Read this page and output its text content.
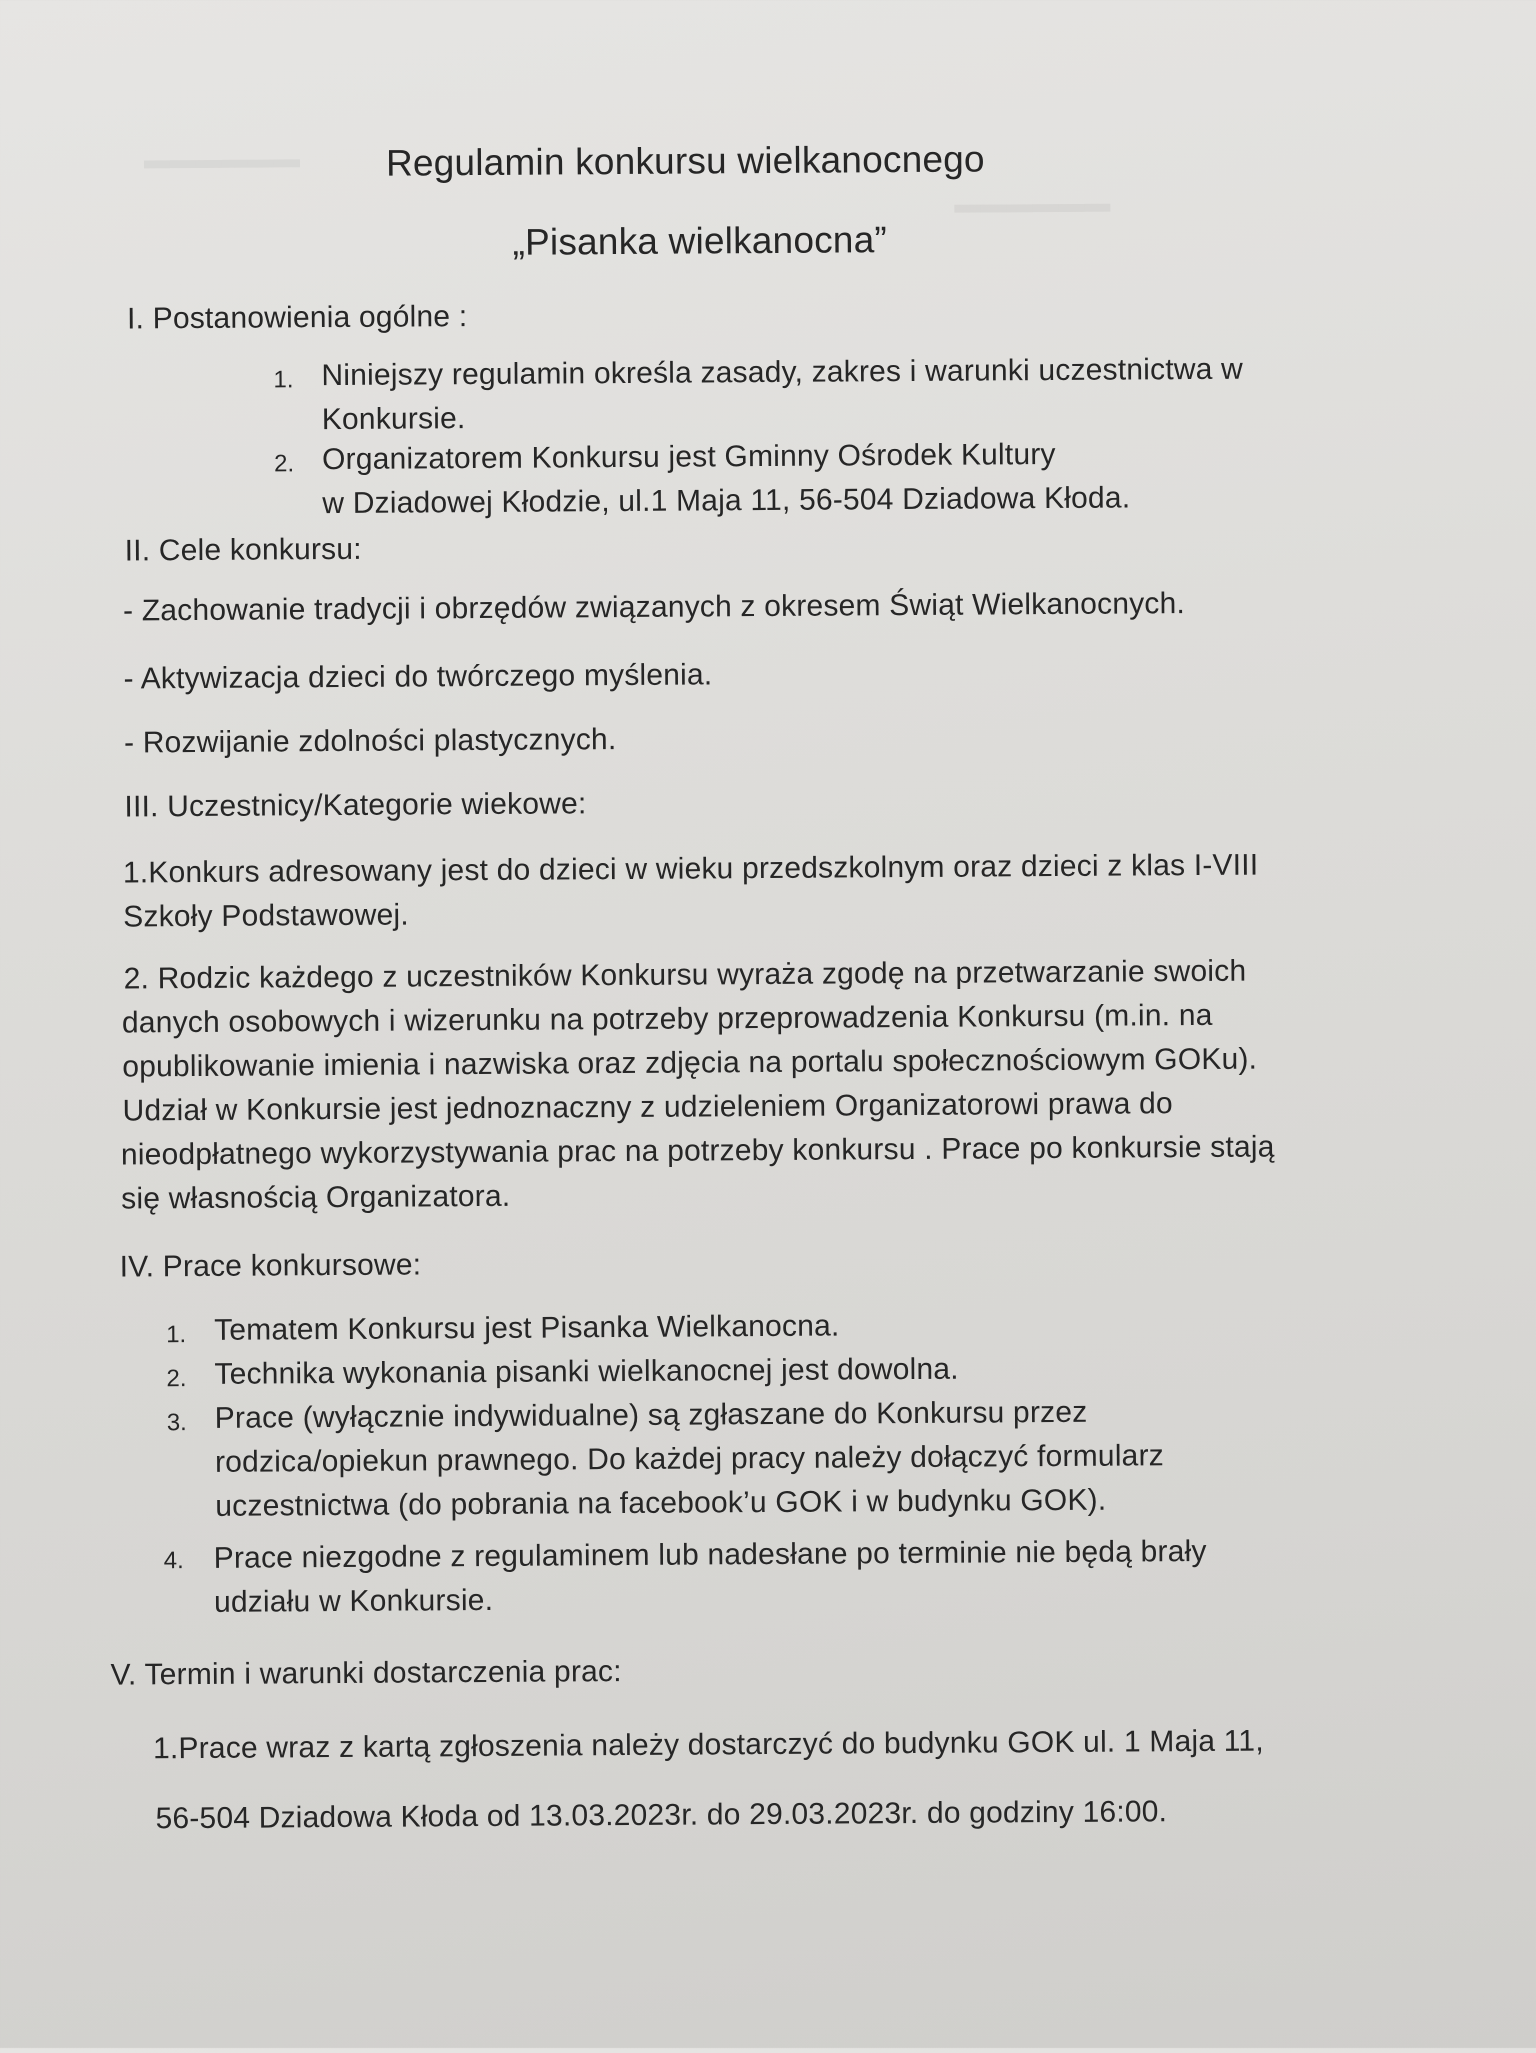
▬▬▬▬▬▬
▬▬▬▬▬▬
Regulamin konkursu wielkanocnego
„Pisanka wielkanocna”
I. Postanowienia ogólne :
1. Niniejszy regulamin określa zasady, zakres i warunki uczestnictwa w
Konkursie.
2. Organizatorem Konkursu jest Gminny Ośrodek Kultury
w Dziadowej Kłodzie, ul.1 Maja 11, 56-504 Dziadowa Kłoda.
II. Cele konkursu:
- Zachowanie tradycji i obrzędów związanych z okresem Świąt Wielkanocnych.
- Aktywizacja dzieci do twórczego myślenia.
- Rozwijanie zdolności plastycznych.
III. Uczestnicy/Kategorie wiekowe:
1.Konkurs adresowany jest do dzieci w wieku przedszkolnym oraz dzieci z klas I-VIII
Szkoły Podstawowej.
2. Rodzic każdego z uczestników Konkursu wyraża zgodę na przetwarzanie swoich
danych osobowych i wizerunku na potrzeby przeprowadzenia Konkursu (m.in. na
opublikowanie imienia i nazwiska oraz zdjęcia na portalu społecznościowym GOKu).
Udział w Konkursie jest jednoznaczny z udzieleniem Organizatorowi prawa do
nieodpłatnego wykorzystywania prac na potrzeby konkursu . Prace po konkursie stają
się własnością Organizatora.
IV. Prace konkursowe:
1. Tematem Konkursu jest Pisanka Wielkanocna.
2. Technika wykonania pisanki wielkanocnej jest dowolna.
3. Prace (wyłącznie indywidualne) są zgłaszane do Konkursu przez
rodzica/opiekun prawnego. Do każdej pracy należy dołączyć formularz
uczestnictwa (do pobrania na facebook’u GOK i w budynku GOK).
4. Prace niezgodne z regulaminem lub nadesłane po terminie nie będą brały
udziału w Konkursie.
V. Termin i warunki dostarczenia prac:
1.Prace wraz z kartą zgłoszenia należy dostarczyć do budynku GOK ul. 1 Maja 11,
56-504 Dziadowa Kłoda od 13.03.2023r. do 29.03.2023r. do godziny 16:00.
